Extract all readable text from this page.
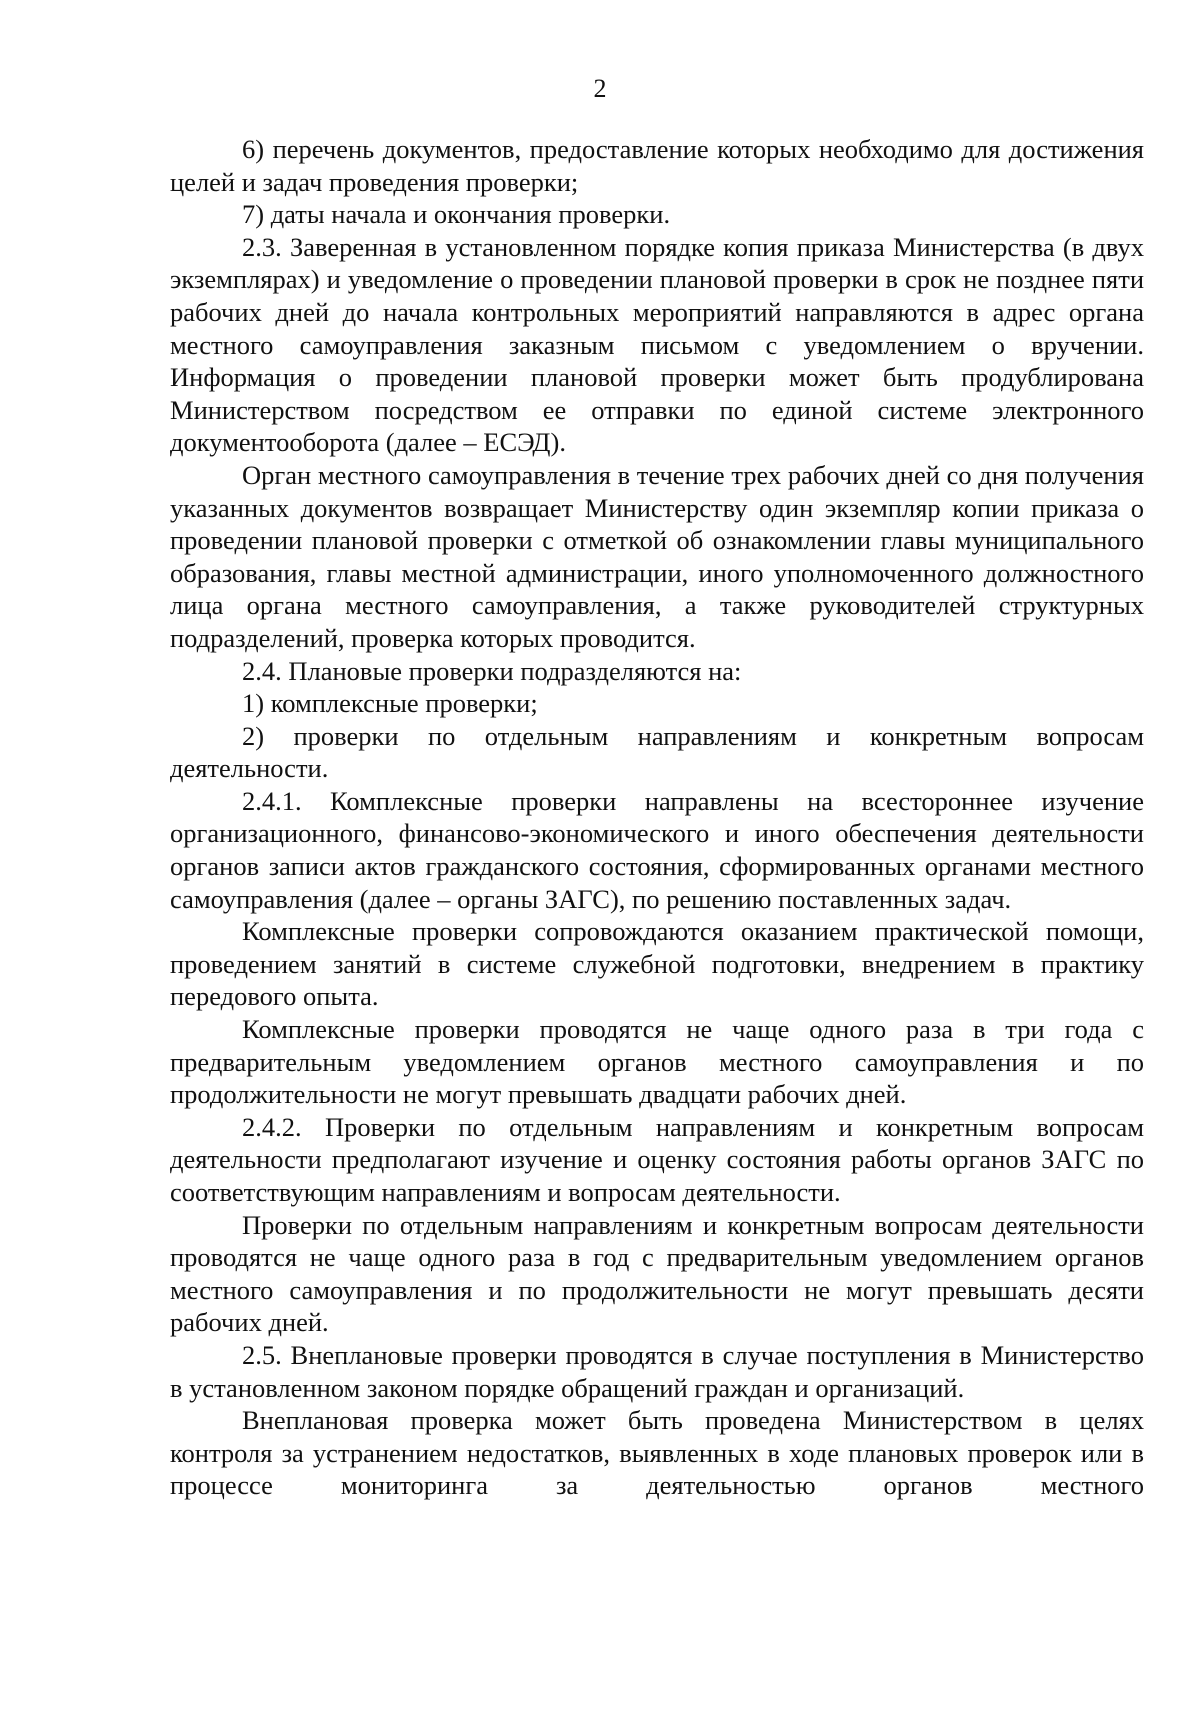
2

6) перечень документов, предоставление которых необходимо для достижения целей и задач проведения проверки;

7) даты начала и окончания проверки.

2.3. Заверенная в установленном порядке копия приказа Министерства (в двух экземплярах) и уведомление о проведении плановой проверки в срок не позднее пяти рабочих дней до начала контрольных мероприятий направляются в адрес органа местного самоуправления заказным письмом с уведомлением о вручении. Информация о проведении плановой проверки может быть продублирована Министерством посредством ее отправки по единой системе электронного документооборота (далее – ЕСЭД).

Орган местного самоуправления в течение трех рабочих дней со дня получения указанных документов возвращает Министерству один экземпляр копии приказа о проведении плановой проверки с отметкой об ознакомлении главы муниципального образования, главы местной администрации, иного уполномоченного должностного лица органа местного самоуправления, а также руководителей структурных подразделений, проверка которых проводится.

2.4. Плановые проверки подразделяются на:

1) комплексные проверки;

2) проверки по отдельным направлениям и конкретным вопросам деятельности.

2.4.1. Комплексные проверки направлены на всестороннее изучение организационного, финансово-экономического и иного обеспечения деятельности органов записи актов гражданского состояния, сформированных органами местного самоуправления (далее – органы ЗАГС), по решению поставленных задач.

Комплексные проверки сопровождаются оказанием практической помощи, проведением занятий в системе служебной подготовки, внедрением в практику передового опыта.

Комплексные проверки проводятся не чаще одного раза в три года с предварительным уведомлением органов местного самоуправления и по продолжительности не могут превышать двадцати рабочих дней.

2.4.2. Проверки по отдельным направлениям и конкретным вопросам деятельности предполагают изучение и оценку состояния работы органов ЗАГС по соответствующим направлениям и вопросам деятельности.

Проверки по отдельным направлениям и конкретным вопросам деятельности проводятся не чаще одного раза в год с предварительным уведомлением органов местного самоуправления и по продолжительности не могут превышать десяти рабочих дней.

2.5. Внеплановые проверки проводятся в случае поступления в Министерство в установленном законом порядке обращений граждан и организаций.

Внеплановая проверка может быть проведена Министерством в целях контроля за устранением недостатков, выявленных в ходе плановых проверок или в процессе мониторинга за деятельностью органов местного
